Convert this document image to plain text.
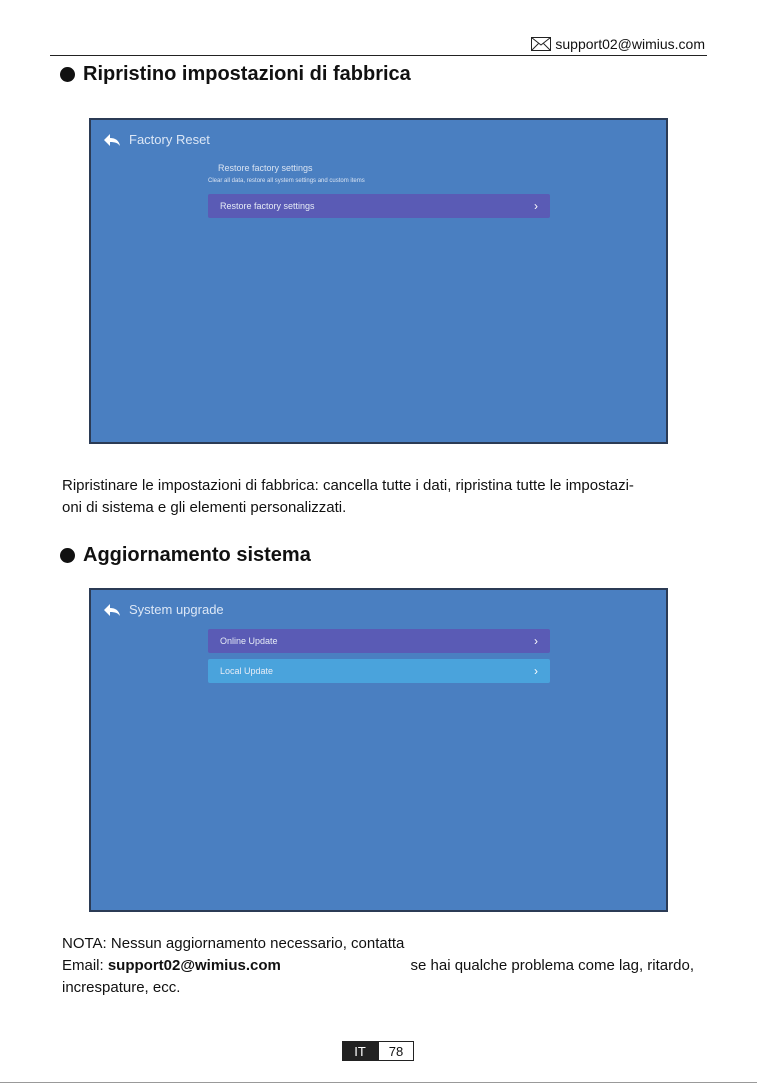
support02@wimius.com
Ripristino impostazioni di fabbrica
Factory Reset
Restore factory settings
Clear all data, restore all system settings and custom items
Restore factory settings	›
Ripristinare le impostazioni di fabbrica: cancella tutte i dati, ripristina tutte le impostazi-
oni di sistema e gli elementi personalizzati.
Aggiornamento sistema
System upgrade
Online Update	›
Local Update	›
NOTA: Nessun aggiornamento necessario, contatta
Email: support02@wimius.com	se hai qualche problema come lag, ritardo,
increspature, ecc.
IT	78
